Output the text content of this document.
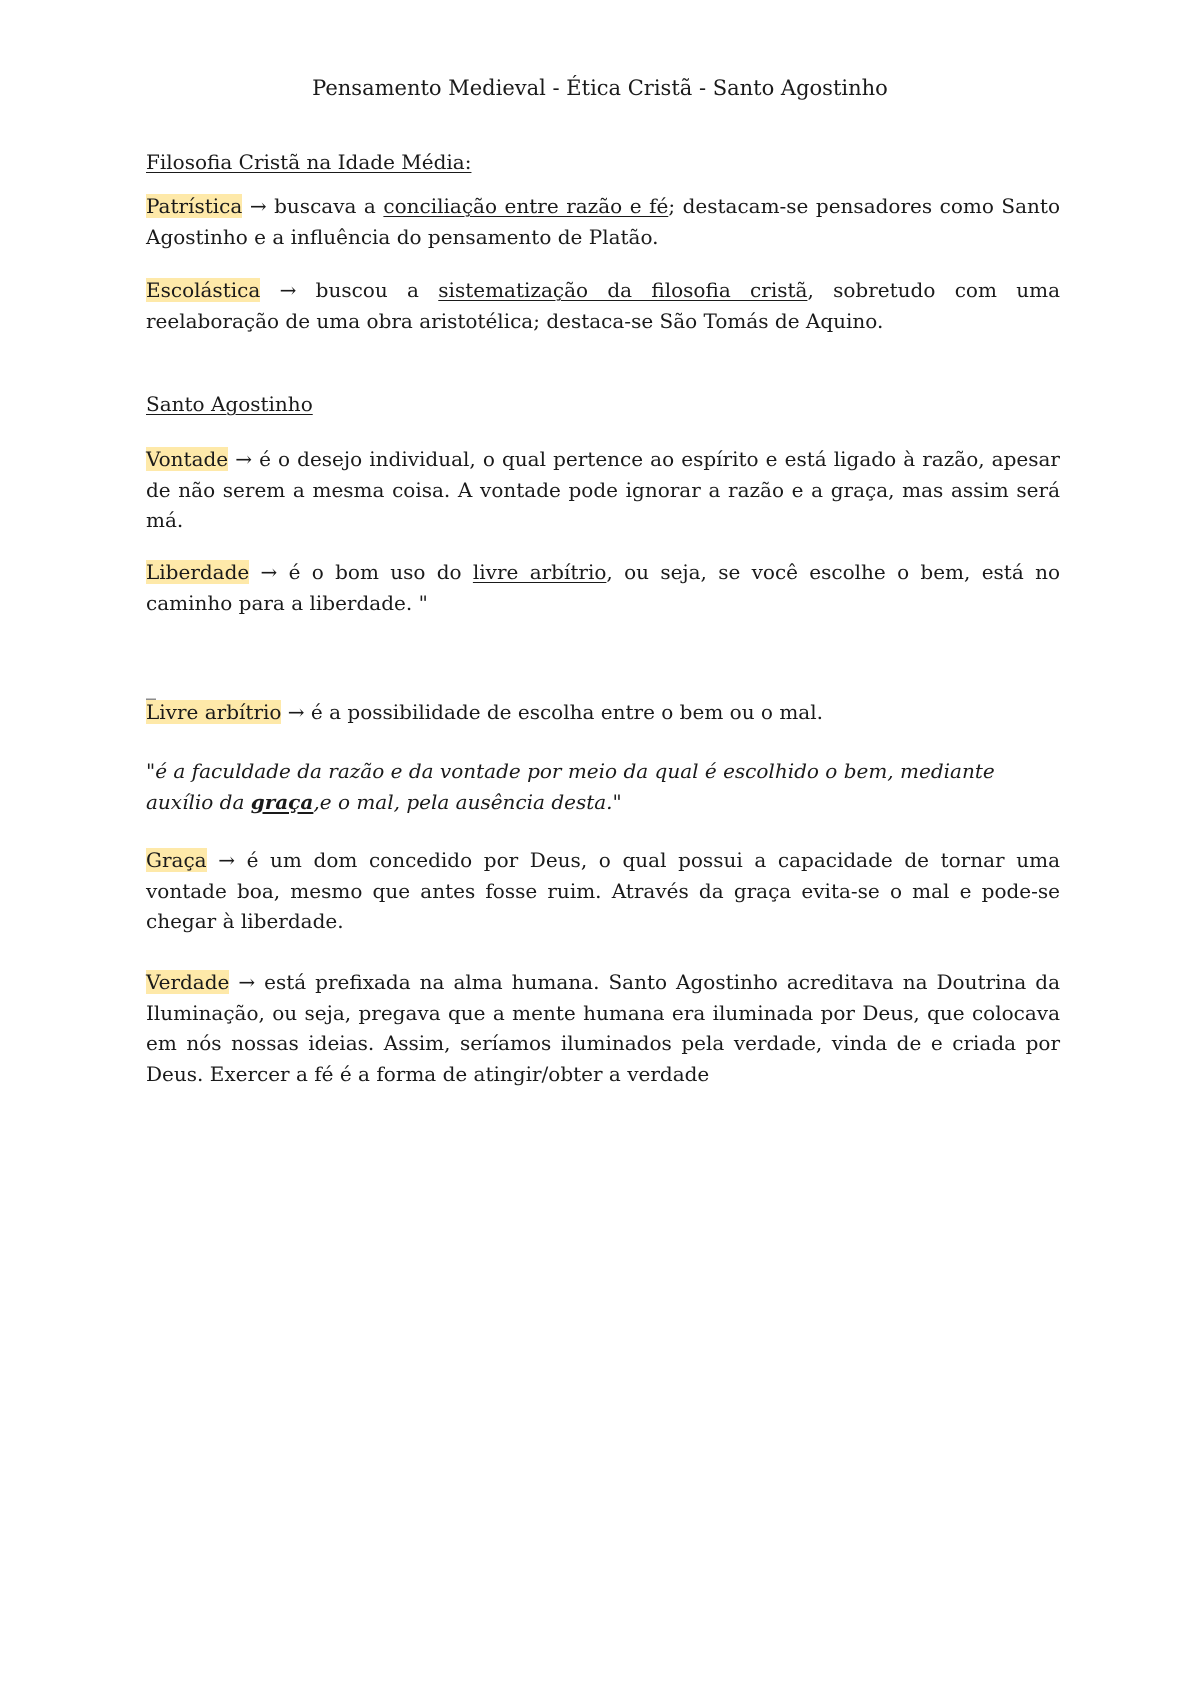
Pensamento Medieval - Ética Cristã - Santo Agostinho
Filosofia Cristã na Idade Média:
Patrística → buscava a conciliação entre razão e fé; destacam-se pensadores como Santo Agostinho e a influência do pensamento de Platão.
Escolástica → buscou a sistematização da filosofia cristã, sobretudo com uma reelaboração de uma obra aristotélica; destaca-se São Tomás de Aquino.
Santo Agostinho
Vontade → é o desejo individual, o qual pertence ao espírito e está ligado à razão, apesar de não serem a mesma coisa. A vontade pode ignorar a razão e a graça, mas assim será má.
Liberdade → é o bom uso do livre arbítrio, ou seja, se você escolhe o bem, está no caminho para a liberdade. "
_
Livre arbítrio → é a possibilidade de escolha entre o bem ou o mal.
"é a faculdade da razão e da vontade por meio da qual é escolhido o bem, mediante auxílio da graça,e o mal, pela ausência desta."
Graça → é um dom concedido por Deus, o qual possui a capacidade de tornar uma vontade boa, mesmo que antes fosse ruim. Através da graça evita-se o mal e pode-se chegar à liberdade.
Verdade → está prefixada na alma humana. Santo Agostinho acreditava na Doutrina da Iluminação, ou seja, pregava que a mente humana era iluminada por Deus, que colocava em nós nossas ideias. Assim, seríamos iluminados pela verdade, vinda de e criada por Deus. Exercer a fé é a forma de atingir/obter a verdade
